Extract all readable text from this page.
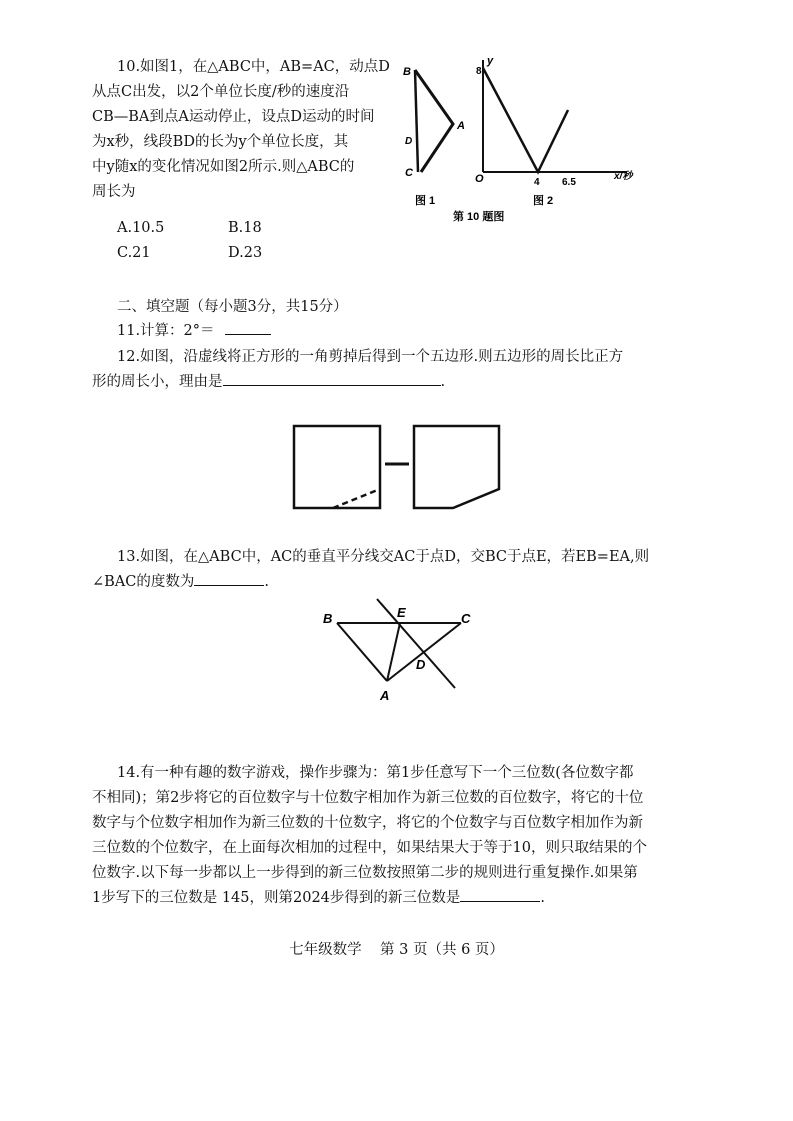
10.如图1，在△ABC中，AB=AC，动点D
从点C出发，以2个单位长度/秒的速度沿
CB—BA到点A运动停止，设点D运动的时间
为x秒，线段BD的长为y个单位长度，其
中y随x的变化情况如图2所示.则△ABC的
周长为
A.10.5	B.18
C.21	D.23
B
A
D
C
y
8
O	4 6.5
x/秒
图 1	图 2
第 10 题图
二、填空题（每小题3分，共15分）
11.计算：2°＝
12.如图，沿虚线将正方形的一角剪掉后得到一个五边形.则五边形的周长比正方
形的周长小，理由是	.
13.如图，在△ABC中，AC的垂直平分线交AC于点D，交BC于点E，若EB=EA,则
∠BAC的度数为	.
B	E	C
D
A
14.有一种有趣的数字游戏，操作步骤为：第1步任意写下一个三位数(各位数字都
不相同)；第2步将它的百位数字与十位数字相加作为新三位数的百位数字，将它的十位
数字与个位数字相加作为新三位数的十位数字，将它的个位数字与百位数字相加作为新
三位数的个位数字，在上面每次相加的过程中，如果结果大于等于10，则只取结果的个
位数字.以下每一步都以上一步得到的新三位数按照第二步的规则进行重复操作.如果第
1步写下的三位数是 145，则第2024步得到的新三位数是	.
七年级数学    第 3 页（共 6 页）
